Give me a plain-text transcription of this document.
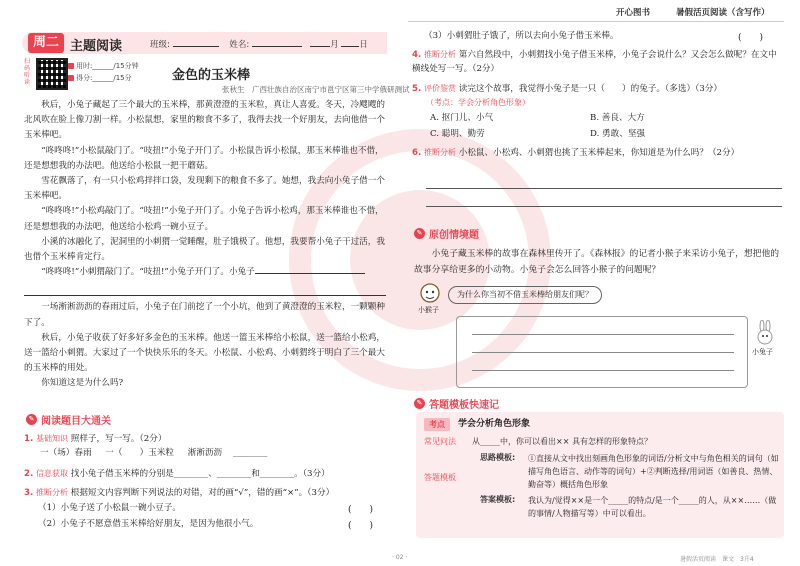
开心图书	暑假活页阅读（含写作）
周二 主题阅读	班级:	姓名:	月 日
扫码听读
用时:______/15分钟
得分:______/15分	金色的玉米棒
张秋生　广西壮族自治区南宁市邕宁区第三中学俄研测试

秋后，小兔子藏起了三个最大的玉米棒，那黄澄澄的玉米粒，真让人喜爱。冬天，冷飕飕的北风吹在脸上像刀割一样。小松鼠想，家里的粮食不多了，我得去找一个好朋友，去向他借一个玉米棒吧。

“咚咚咚!”小松鼠敲门了。“吱扭!”小兔子开门了。小松鼠告诉小松鼠，那玉米棒谁也不借，还是想想我的办法吧。他送给小松鼠一把干蘑菇。

雪花飘落了，有一只小松鸡拌拌口袋，发现剩下的粮食不多了。她想，我去向小兔子借一个玉米棒吧。

“咚咚咚!”小松鸡敲门了。“吱扭!”小兔子开门了。小兔子告诉小松鸡，那玉米棒谁也不借，还是想想我的办法吧，他送给小松鸡一碗小豆子。

小溪的冰融化了，泥洞里的小刺猬一觉睡醒，肚子饿极了。他想，我要帮小兔子干过活，我也借个玉米棒肯定行。

“咚咚咚!”小刺猬敲门了。“吱扭!”小兔子开门了。小兔子

一场淅淅沥沥的春雨过后，小兔子在门前挖了一个小坑，他到了黄澄澄的玉米粒，一颗颗种下了。

秋后，小兔子收获了好多好多金色的玉米棒。他送一篮玉米棒给小松鼠，送一篮给小松鸡，送一篮给小刺猬。大家过了一个快快乐乐的冬天。小松鼠、小松鸡、小刺猬终于明白了三个最大的玉米棒的用处。

你知道这是为什么吗?

✎ 阅读题目大通关
1. 基础知识 照样子，写一写。（2分）
一（场）春雨 一（　　）玉米粒 淅淅沥沥 ________
2. 信息获取 找小兔子借玉米棒的分别是________、________和________。（3分）
3. 推断分析 根据短文内容判断下列说法的对错，对的画“√”，错的画“×”。（3分）
（1）小兔子送了小松鼠一碗小豆子。	(　　)
（2）小兔子不愿意借玉米棒给好朋友，是因为他很小气。	(　　)
（3）小刺猬肚子饿了，所以去向小兔子借玉米棒。	(　　)
4. 推断分析 第六自然段中，小刺猬找小兔子借玉米棒，小兔子会说什么？又会怎么做呢？在文中横线处写一写。（2分）
5. 评价鉴赏 读完这个故事，我觉得小兔子是一只（　　）的兔子。（多选）（3分）
（考点：学会分析角色形象）
A. 抠门儿、小气	B. 善良、大方
C. 聪明、勤劳	D. 勇敢、坚强
6. 推断分析 小松鼠、小松鸡、小刺猬也挑了玉米棒起来，你知道是为什么吗？（2分）
✎ 原创情境题
小兔子藏玉米棒的故事在森林里传开了。《森林报》的记者小猴子来采访小兔子，想把他的故事分享给更多的小动物。小兔子会怎么回答小猴子的问题呢？
小猴子
为什么你当初不借玉米棒给朋友们呢？
小兔子
✎ 答题模板快速记
考点	学会分析角色形象
常见问法 从_____中，你可以看出×× 具有怎样的形象特点？
答题模板
思路模板: ①直接从文中找出刻画角色形象的词语/分析文中与角色相关的词句（如描写角色语言、动作等的词句）+②判断选择/用词语（如善良、热情、勤奋等）概括角色形象
答案模板: 我认为/觉得××是一个_____的特点/是一个_____的人，从××……（做的事情/人物描写等）中可以看出。
· 02 ·	暑假活页阅读　课文　3升4
